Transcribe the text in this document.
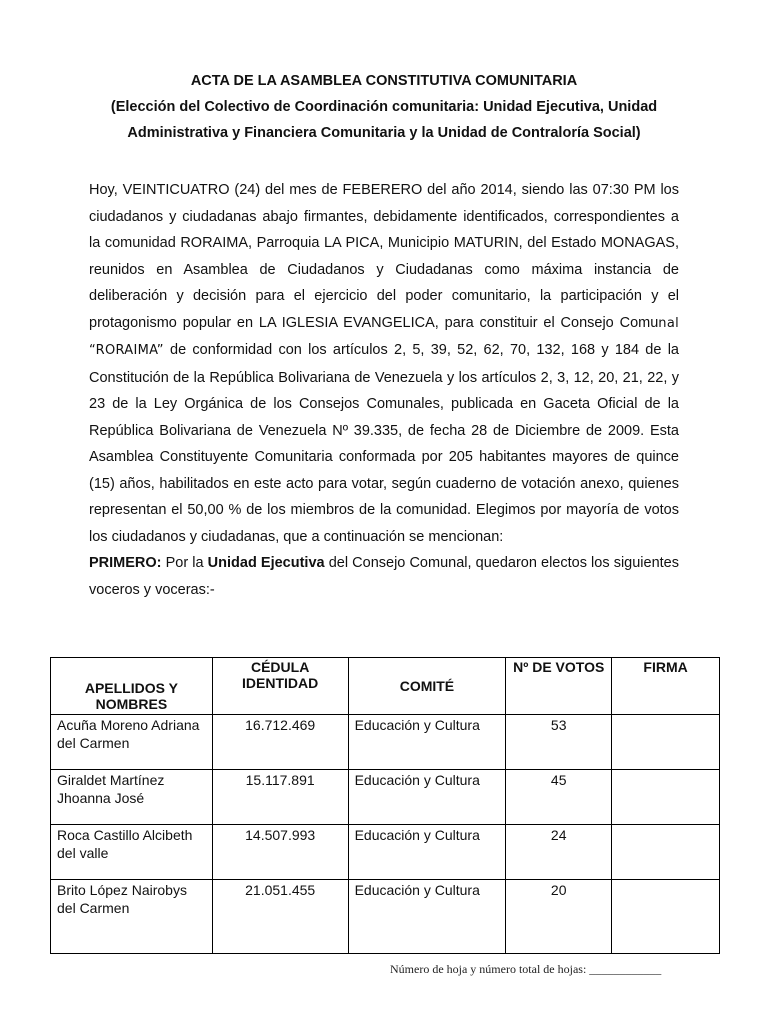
ACTA DE LA ASAMBLEA CONSTITUTIVA COMUNITARIA
(Elección del Colectivo de Coordinación comunitaria: Unidad Ejecutiva, Unidad
Administrativa y Financiera Comunitaria y la Unidad de Contraloría Social)

Hoy, VEINTICUATRO (24) del mes de FEBERERO del año 2014, siendo las 07:30 PM los ciudadanos y ciudadanas abajo firmantes, debidamente identificados, correspondientes a la comunidad RORAIMA, Parroquia LA PICA, Municipio MATURIN, del Estado MONAGAS, reunidos en Asamblea de Ciudadanos y Ciudadanas como máxima instancia de deliberación y decisión para el ejercicio del poder comunitario, la participación y el protagonismo popular en LA IGLESIA EVANGELICA, para constituir el Consejo Comunal “RORAIMA” de conformidad con los artículos 2, 5, 39, 52, 62, 70, 132, 168 y 184 de la Constitución de la República Bolivariana de Venezuela y los artículos 2, 3, 12, 20, 21, 22, y 23 de la Ley Orgánica de los Consejos Comunales, publicada en Gaceta Oficial de la República Bolivariana de Venezuela Nº 39.335, de fecha 28 de Diciembre de 2009. Esta Asamblea Constituyente Comunitaria conformada por 205 habitantes mayores de quince (15) años, habilitados en este acto para votar, según cuaderno de votación anexo, quienes representan el 50,00 % de los miembros de la comunidad. Elegimos por mayoría de votos los ciudadanos y ciudadanas, que a continuación se mencionan:

PRIMERO: Por la Unidad Ejecutiva del Consejo Comunal, quedaron electos los siguientes voceros y voceras:-

APELLIDOS Y NOMBRES	CÉDULA IDENTIDAD	COMITÉ	Nº DE VOTOS	FIRMA
Acuña Moreno Adriana del Carmen	16.712.469	Educación y Cultura	53	
Giraldet Martínez Jhoanna José	15.117.891	Educación y Cultura	45	
Roca Castillo Alcibeth del valle	14.507.993	Educación y Cultura	24	
Brito López Nairobys del Carmen	21.051.455	Educación y Cultura	20	
Número de hoja y número total de hojas: ____________
